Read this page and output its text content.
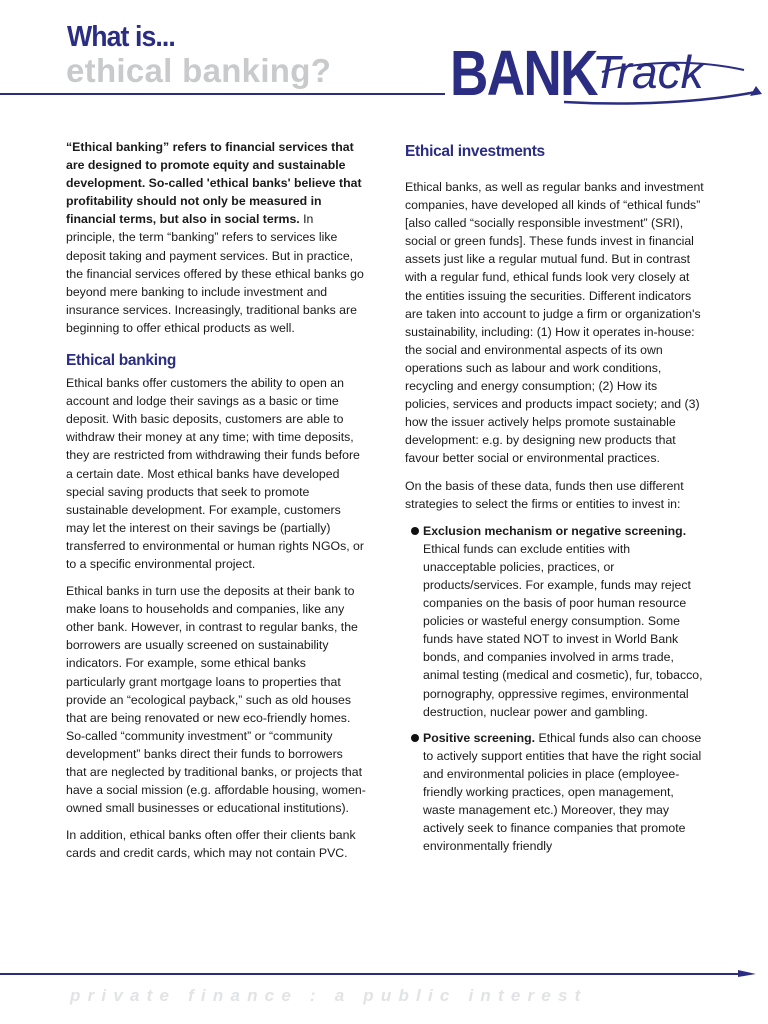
What is...
ethical banking? BANK
Track

“Ethical banking” refers to financial services that are designed to promote equity and sustainable development. So-called 'ethical banks' believe that profitability should not only be measured in financial terms, but also in social terms. In principle, the term “banking” refers to services like deposit taking and payment services. But in practice, the financial services offered by these ethical banks go beyond mere banking to include investment and insurance services. Increasingly, traditional banks are beginning to offer ethical products as well.

Ethical banking

Ethical banks offer customers the ability to open an account and lodge their savings as a basic or time deposit. With basic deposits, customers are able to withdraw their money at any time; with time deposits, they are restricted from withdrawing their funds before a certain date. Most ethical banks have developed special saving products that seek to promote sustainable development. For example, customers may let the interest on their savings be (partially) transferred to environmental or human rights NGOs, or to a specific environmental project.

Ethical banks in turn use the deposits at their bank to make loans to households and companies, like any other bank. However, in contrast to regular banks, the borrowers are usually screened on sustainability indicators. For example, some ethical banks particularly grant mortgage loans to properties that provide an “ecological payback,” such as old houses that are being renovated or new eco-friendly homes. So-called “community investment” or “community development” banks direct their funds to borrowers that are neglected by traditional banks, or projects that have a social mission (e.g. affordable housing, women-owned small businesses or educational institutions).

In addition, ethical banks often offer their clients bank cards and credit cards, which may not contain PVC.

Ethical investments

Ethical banks, as well as regular banks and investment companies, have developed all kinds of “ethical funds” [also called “socially responsible investment” (SRI), social or green funds]. These funds invest in financial assets just like a regular mutual fund. But in contrast with a regular fund, ethical funds look very closely at the entities issuing the securities. Different indicators are taken into account to judge a firm or organization's sustainability, including: (1) How it operates in-house: the social and environmental aspects of its own operations such as labour and work conditions, recycling and energy consumption; (2) How its policies, services and products impact society; and (3) how the issuer actively helps promote sustainable development: e.g. by designing new products that favour better social or environmental practices.

On the basis of these data, funds then use different strategies to select the firms or entities to invest in:

Exclusion mechanism or negative screening. Ethical funds can exclude entities with unacceptable policies, practices, or products/services. For example, funds may reject companies on the basis of poor human resource policies or wasteful energy consumption. Some funds have stated NOT to invest in World Bank bonds, and companies involved in arms trade, animal testing (medical and cosmetic), fur, tobacco, pornography, oppressive regimes, environmental destruction, nuclear power and gambling.
Positive screening. Ethical funds also can choose to actively support entities that have the right social and environmental policies in place (employee-friendly working practices, open management, waste management etc.) Moreover, they may actively seek to finance companies that promote environmentally friendly

private finance : a public interest
